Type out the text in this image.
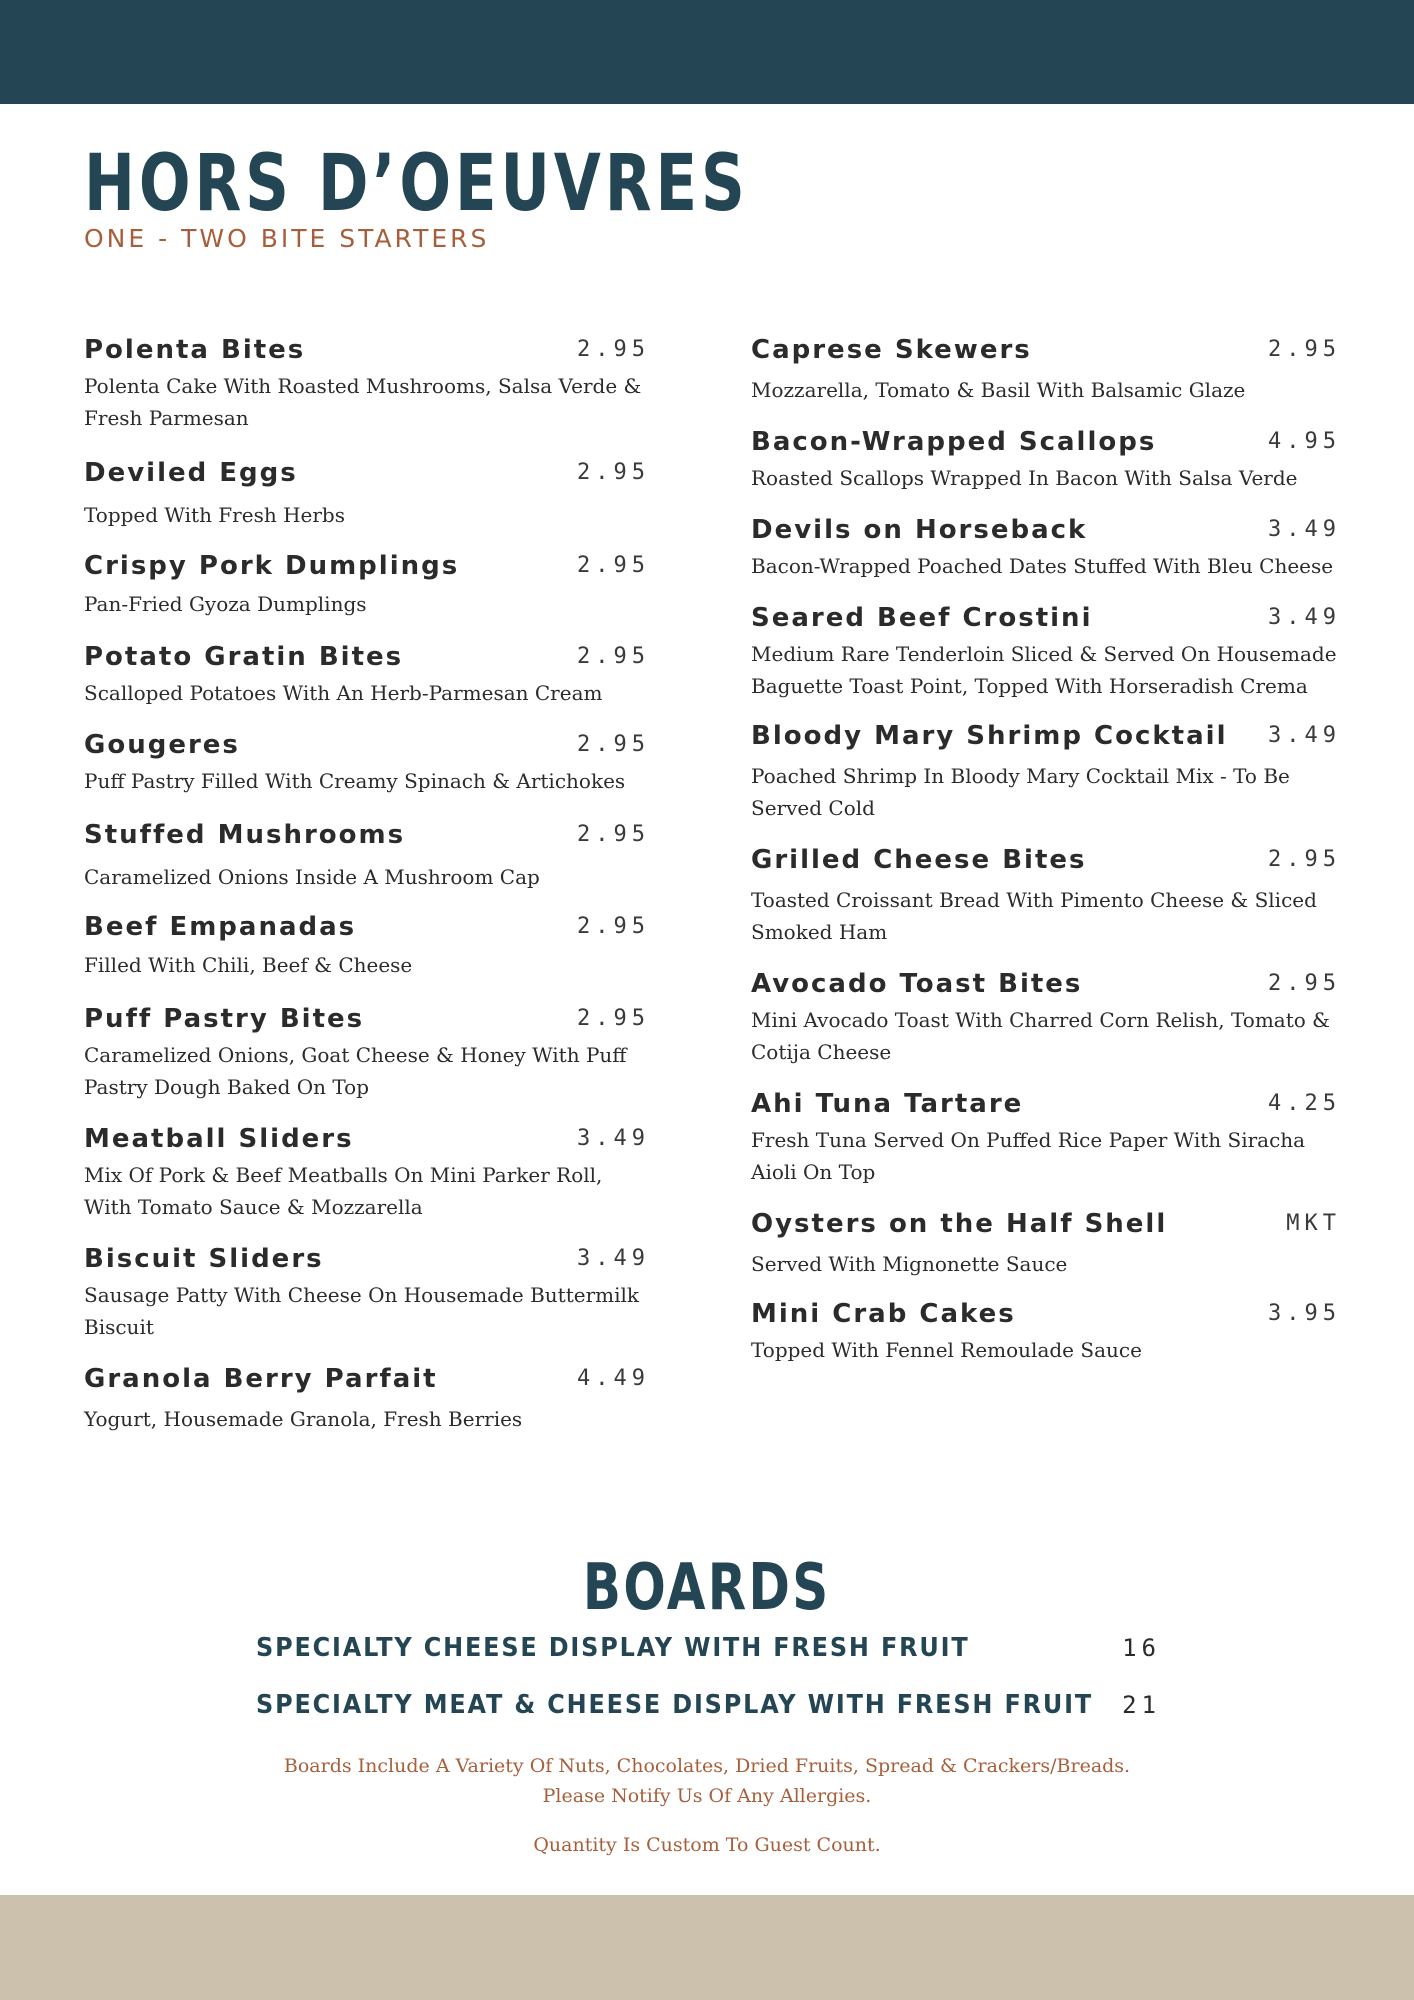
HORS D’OEUVRES
ONE - TWO BITE STARTERS
Polenta Bites	2.95
Polenta Cake With Roasted Mushrooms, Salsa Verde & Fresh Parmesan
Deviled Eggs	2.95
Topped With Fresh Herbs
Crispy Pork Dumplings	2.95
Pan-Fried Gyoza Dumplings
Potato Gratin Bites	2.95
Scalloped Potatoes With An Herb-Parmesan Cream
Gougeres	2.95
Puff Pastry Filled With Creamy Spinach & Artichokes
Stuffed Mushrooms	2.95
Caramelized Onions Inside A Mushroom Cap
Beef Empanadas	2.95
Filled With Chili, Beef & Cheese
Puff Pastry Bites	2.95
Caramelized Onions, Goat Cheese & Honey With Puff Pastry Dough Baked On Top
Meatball Sliders	3.49
Mix Of Pork & Beef Meatballs On Mini Parker Roll, With Tomato Sauce & Mozzarella
Biscuit Sliders	3.49
Sausage Patty With Cheese On Housemade Buttermilk Biscuit
Granola Berry Parfait	4.49
Yogurt, Housemade Granola, Fresh Berries
Caprese Skewers	2.95
Mozzarella, Tomato & Basil With Balsamic Glaze
Bacon-Wrapped Scallops	4.95
Roasted Scallops Wrapped In Bacon With Salsa Verde
Devils on Horseback	3.49
Bacon-Wrapped Poached Dates Stuffed With Bleu Cheese
Seared Beef Crostini	3.49
Medium Rare Tenderloin Sliced & Served On Housemade Baguette Toast Point, Topped With Horseradish Crema
Bloody Mary Shrimp Cocktail	3.49
Poached Shrimp In Bloody Mary Cocktail Mix - To Be Served Cold
Grilled Cheese Bites	2.95
Toasted Croissant Bread With Pimento Cheese & Sliced Smoked Ham
Avocado Toast Bites	2.95
Mini Avocado Toast With Charred Corn Relish, Tomato & Cotija Cheese
Ahi Tuna Tartare	4.25
Fresh Tuna Served On Puffed Rice Paper With Siracha Aioli On Top
Oysters on the Half Shell	MKT
Served With Mignonette Sauce
Mini Crab Cakes	3.95
Topped With Fennel Remoulade Sauce
BOARDS
SPECIALTY CHEESE DISPLAY WITH FRESH FRUIT	16
SPECIALTY MEAT & CHEESE DISPLAY WITH FRESH FRUIT 21
Boards Include A Variety Of Nuts, Chocolates, Dried Fruits, Spread & Crackers/Breads.
Please Notify Us Of Any Allergies.
Quantity Is Custom To Guest Count.
